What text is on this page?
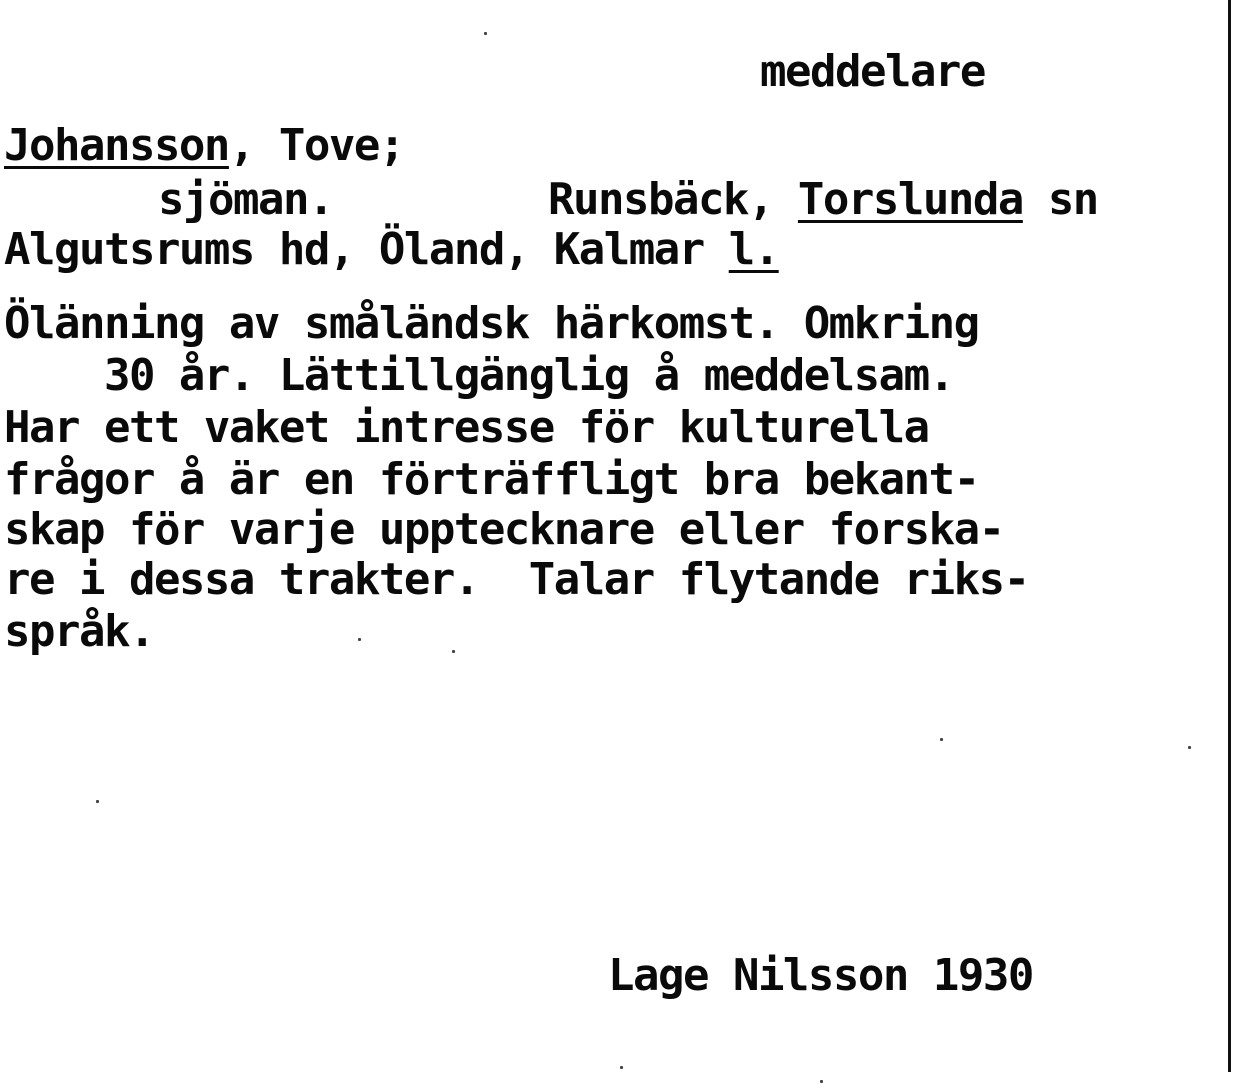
meddelare
Johansson, Tove;
sjöman.	Runsbäck, Torslunda sn
Algutsrums hd, Öland, Kalmar l.
Ölänning av småländsk härkomst. Omkring
30 år. Lättillgänglig å meddelsam.
Har ett vaket intresse för kulturella
frågor å är en förträffligt bra bekant-
skap för varje upptecknare eller forska-
re i dessa trakter.  Talar flytande riks-
språk.
Lage Nilsson 1930
